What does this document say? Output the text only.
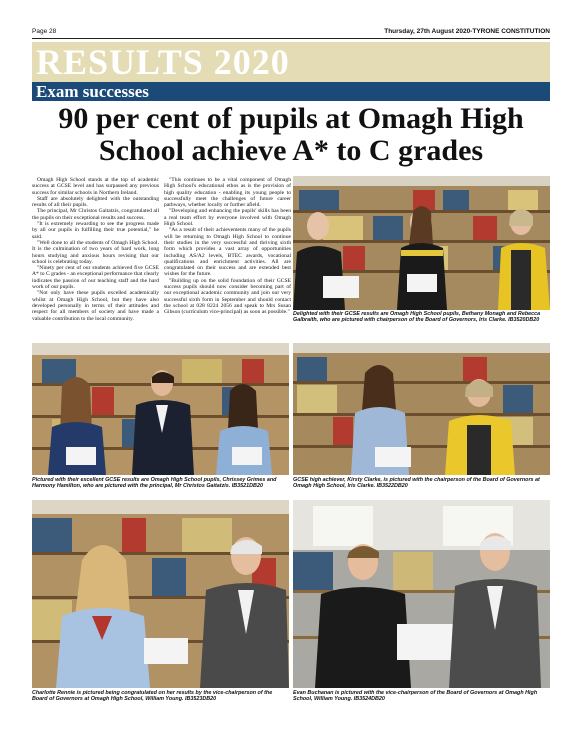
Page 28	Thursday, 27th August 2020-TYRONE CONSTITUTION
RESULTS 2020
Exam successes
90 per cent of pupils at Omagh High School achieve A* to C grades

Omagh High School stands at the top of academic success at GCSE level and has surpassed any previous success for similar schools in Northern Ireland.

Staff are absolutely delighted with the outstanding results of all their pupils.

The principal, Mr Christos Gaitatzis, congratulated all the pupils on their exceptional results and success.

"It is extremely rewarding to see the progress made by all our pupils in fulfilling their true potential," he said.

"Well done to all the students of Omagh High School. It is the culmination of two years of hard work, long hours studying and anxious hours revising that our school is celebrating today.

"Ninety per cent of our students achieved five GCSE A* to C grades - an exceptional performance that clearly indicates the passion of our teaching staff and the hard work of our pupils.

"Not only have these pupils excelled academically whilst at Omagh High School, but they have also developed personally in terms of their attitudes and respect for all members of society and have made a valuable contribution to the local community.

"This continues to be a vital component of Omagh High School's educational ethos as is the provision of high quality education - enabling its young people to successfully meet the challenges of future career pathways, whether locally or further afield.

"Developing and enhancing the pupils' skills has been a real team effort by everyone involved with Omagh High School.

"As a result of their achievements many of the pupils will be returning to Omagh High School to continue their studies in the very successful and thriving sixth form which provides a vast array of opportunities including AS/A2 levels, BTEC awards, vocational qualifications and enrichment activities. All are congratulated on their success and are extended best wishes for the future.

"Building up on the solid foundation of their GCSE success pupils should now consider becoming part of our exceptional academic community and join our very successful sixth form in September and should contact the school at 028 8224 2056 and speak to Mrs Susan Gibson (curriculum vice-principal) as soon as possible." Delighted with their GCSE results are Omagh High School pupils, Bethany Monagh and Rebecca Galbraith, who are pictured with chairperson of the Board of Governors, Iris Clarke. IB3520DB20
Pictured with their excellent GCSE results are Omagh High School pupils, Chrissey Grimes and Harmony Hamilton, who are pictured with the principal, Mr Christos Gaitatzis. IB3521DB20
GCSE high achiever, Kirsty Clarke, is pictured with the chairperson of the Board of Governors at Omagh High School, Iris Clarke. IB3522DB20
Charlotte Rennie is pictured being congratulated on her results by the vice-chairperson of the Board of Governors at Omagh High School, William Young. IB3523DB20
Evan Buchanan is pictured with the vice-chairperson of the Board of Governors at Omagh High School, William Young. IB3524DB20
